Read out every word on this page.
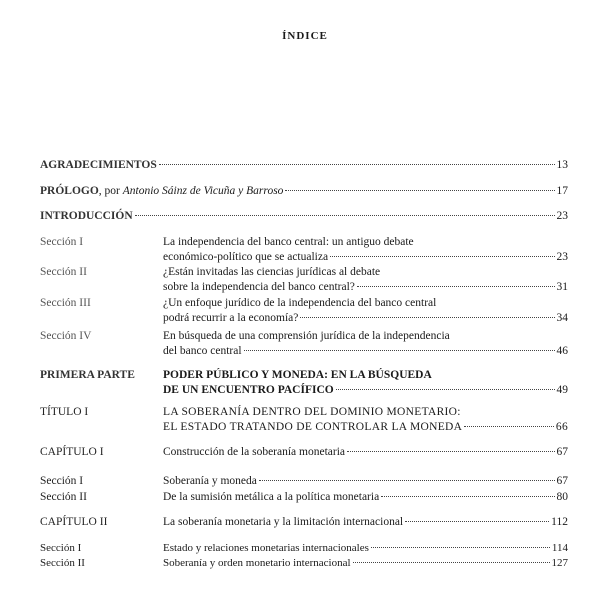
ÍNDICE
AGRADECIMIENTOS	13
PRÓLOGO , por Antonio Sáinz de Vicuña y Barroso	17
INTRODUCCIÓN	23
Sección I	La independencia del banco central: un antiguo debate
económico-político que se actualiza	23
Sección II	¿Están invitadas las ciencias jurídicas al debate
sobre la independencia del banco central?	31
Sección III	¿Un enfoque jurídico de la independencia del banco central
podrá recurrir a la economía?	34
Sección IV	En búsqueda de una comprensión jurídica de la independencia
del banco central	46
PRIMERA PARTE PODER PÚBLICO Y MONEDA: EN LA BÚSQUEDA
DE UN ENCUENTRO PACÍFICO	49
TÍTULO I	LA SOBERANÍA DENTRO DEL DOMINIO MONETARIO:
EL ESTADO TRATANDO DE CONTROLAR LA MONEDA	66
CAPÍTULO I	Construcción de la soberanía monetaria	67
Sección I	Soberanía y moneda	67
Sección II	De la sumisión metálica a la política monetaria	80
CAPÍTULO II	La soberanía monetaria y la limitación internacional	112
Sección I	Estado y relaciones monetarias internacionales	114
Sección II	Soberanía y orden monetario internacional	127
